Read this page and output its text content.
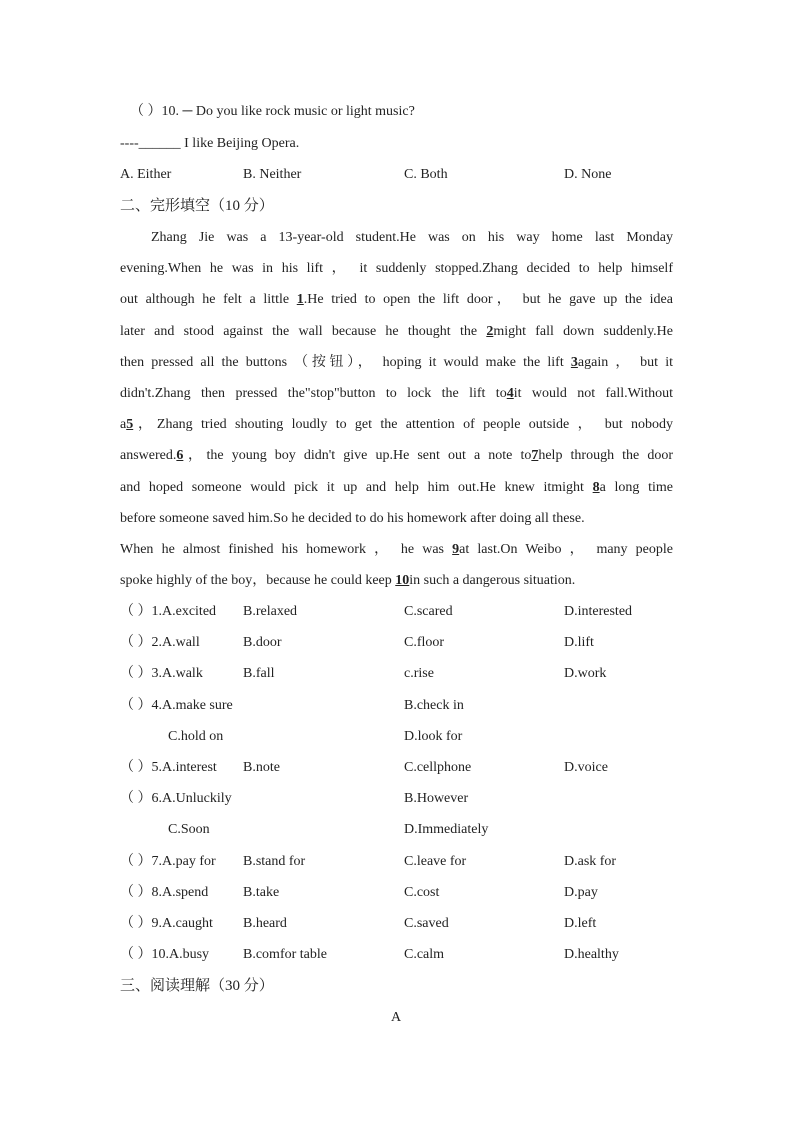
（ ）10. ─ Do you like rock music or light music?
----______ I like Beijing Opera.
A. Either	B. Neither	C. Both	D. None
二、完形填空（10 分）
Zhang Jie was a 13-year-old student.He was on his way home last Monday
evening.When he was in his lift ， it suddenly stopped.Zhang decided to help himself
out although he felt a little 1.He tried to open the lift door， but he gave up the idea
later and stood against the wall because he thought the 2might fall down suddenly.He
then pressed all the buttons （按钮）， hoping it would make the lift 3again ， but it
didn't.Zhang then pressed the"stop"button to lock the lift to4it would not fall.Without
a5，Zhang tried shouting loudly to get the attention of people outside ， but nobody
answered.6，the young boy didn't give up.He sent out a note to7help through the door
and hoped someone would pick it up and help him out.He knew itmight 8a long time
before someone saved him.So he decided to do his homework after doing all these.
When he almost finished his homework ， he was 9at last.On Weibo ， many people
spoke highly of the boy，because he could keep 10in such a dangerous situation.
（ ）1.A.excited B.relaxed	C.scared	D.interested
（ ）2.A.wall	B.door	C.floor	D.lift
（ ）3.A.walk	B.fall	c.rise	D.work
（ ）4.A.make sure	B.check in
C.hold on	D.look for
（ ）5.A.interest B.note	C.cellphone	D.voice
（ ）6.A.Unluckily	B.However
C.Soon	D.Immediately
（ ）7.A.pay for B.stand for	C.leave for	D.ask for
（ ）8.A.spend B.take	C.cost	D.pay
（ ）9.A.caught B.heard	C.saved	D.left
（ ）10.A.busy B.comfor table	C.calm	D.healthy
三、阅读理解（30 分）
A
